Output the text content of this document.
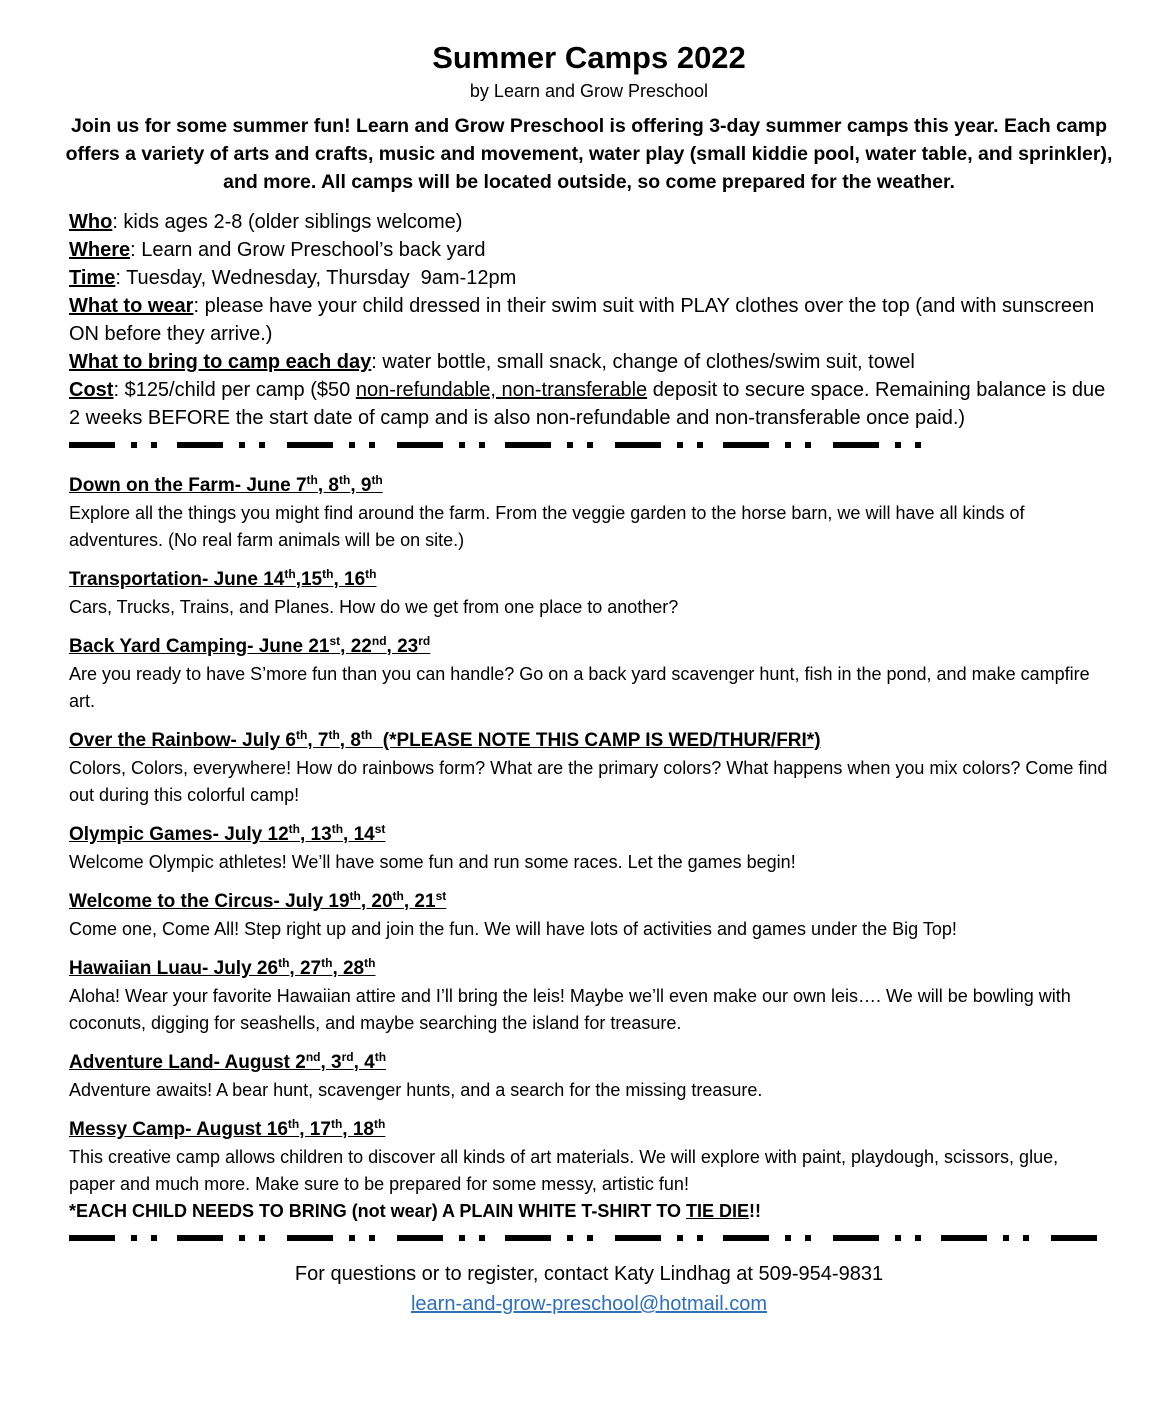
Summer Camps 2022

by Learn and Grow Preschool

Join us for some summer fun! Learn and Grow Preschool is offering 3-day summer camps this year. Each camp offers a variety of arts and crafts, music and movement, water play (small kiddie pool, water table, and sprinkler), and more. All camps will be located outside, so come prepared for the weather.

Who: kids ages 2-8 (older siblings welcome)

Where: Learn and Grow Preschool’s back yard

Time: Tuesday, Wednesday, Thursday  9am-12pm

What to wear: please have your child dressed in their swim suit with PLAY clothes over the top (and with sunscreen ON before they arrive.)

What to bring to camp each day: water bottle, small snack, change of clothes/swim suit, towel

Cost: $125/child per camp ($50 non-refundable, non-transferable deposit to secure space. Remaining balance is due 2 weeks BEFORE the start date of camp and is also non-refundable and non-transferable once paid.)

Down on the Farm- June 7th, 8th, 9th

Explore all the things you might find around the farm. From the veggie garden to the horse barn, we will have all kinds of adventures. (No real farm animals will be on site.)

Transportation- June 14th,15th, 16th

Cars, Trucks, Trains, and Planes. How do we get from one place to another?

Back Yard Camping- June 21st, 22nd, 23rd

Are you ready to have S’more fun than you can handle? Go on a back yard scavenger hunt, fish in the pond, and make campfire art.

Over the Rainbow- July 6th, 7th, 8th  (*PLEASE NOTE THIS CAMP IS WED/THUR/FRI*)

Colors, Colors, everywhere! How do rainbows form? What are the primary colors? What happens when you mix colors? Come find out during this colorful camp!

Olympic Games- July 12th, 13th, 14st

Welcome Olympic athletes! We’ll have some fun and run some races. Let the games begin!

Welcome to the Circus- July 19th, 20th, 21st

Come one, Come All! Step right up and join the fun. We will have lots of activities and games under the Big Top!

Hawaiian Luau- July 26th, 27th, 28th

Aloha! Wear your favorite Hawaiian attire and I’ll bring the leis! Maybe we’ll even make our own leis…. We will be bowling with coconuts, digging for seashells, and maybe searching the island for treasure.

Adventure Land- August 2nd, 3rd, 4th

Adventure awaits! A bear hunt, scavenger hunts, and a search for the missing treasure.

Messy Camp- August 16th, 17th, 18th

This creative camp allows children to discover all kinds of art materials. We will explore with paint, playdough, scissors, glue, paper and much more. Make sure to be prepared for some messy, artistic fun!

*EACH CHILD NEEDS TO BRING (not wear) A PLAIN WHITE T-SHIRT TO TIE DIE!!
For questions or to register, contact Katy Lindhag at 509-954-9831
learn-and-grow-preschool@hotmail.com
